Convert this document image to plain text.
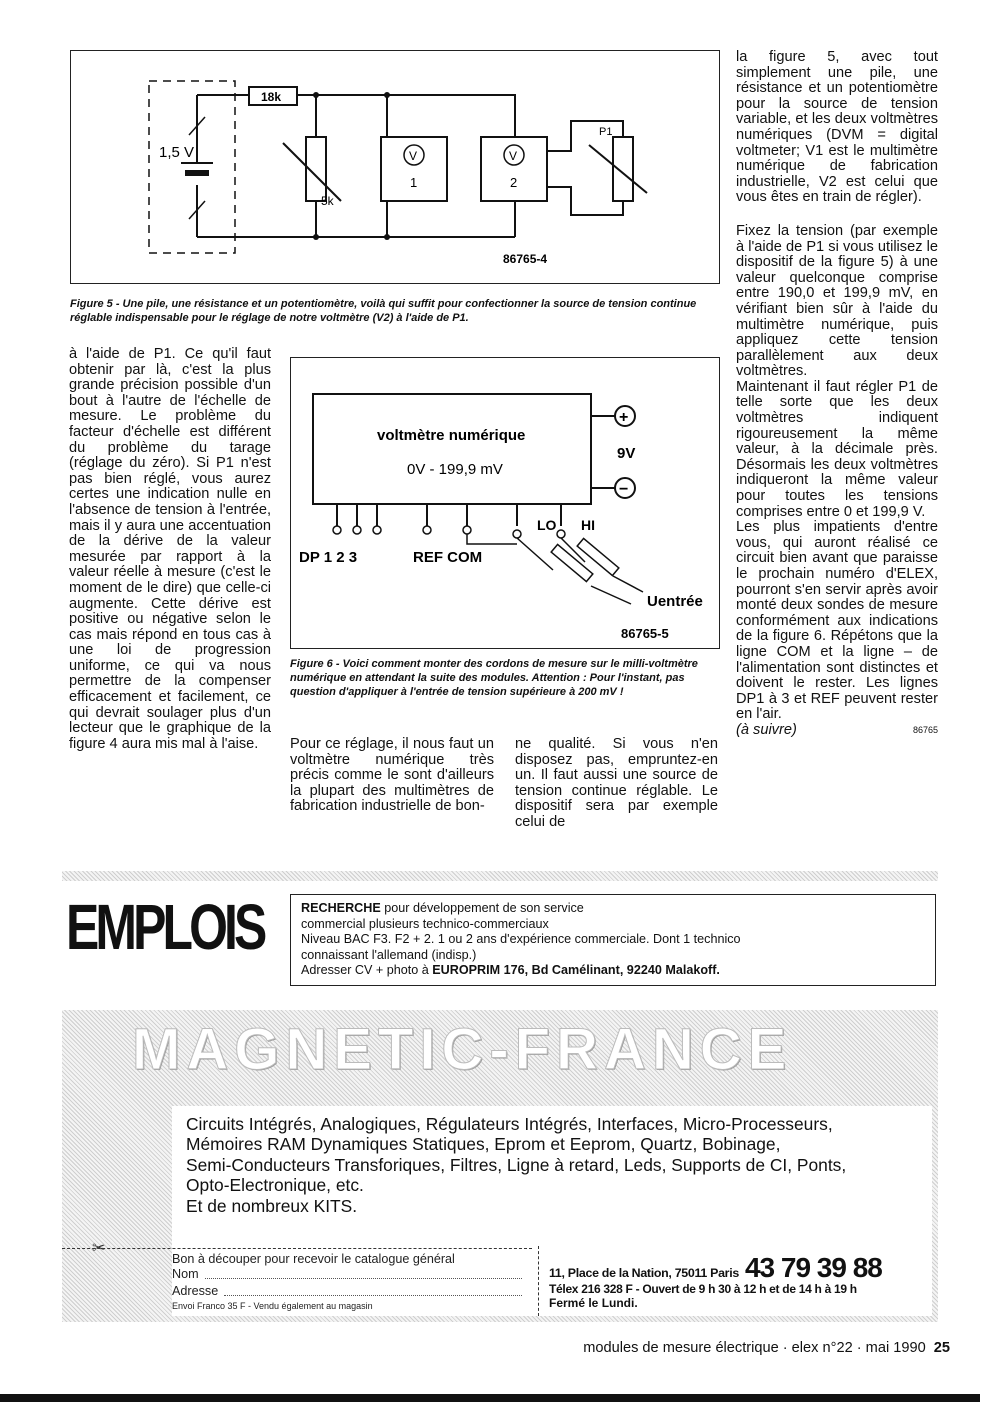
1,5 V
18k
5k
V
1
V
2
P1
86765-4
Figure 5 - Une pile, une résistance et un potentiomètre, voilà qui suffit pour confectionner la source de tension continue réglable indispensable pour le réglage de notre voltmètre (V2) à l'aide de P1.

à l'aide de P1. Ce qu'il faut obtenir par là, c'est la plus grande précision possible d'un bout à l'autre de l'échelle de mesure. Le problème du facteur d'échelle est différent du problème du tarage (réglage du zéro). Si P1 n'est pas bien réglé, vous aurez certes une indication nulle en l'absence de tension à l'entrée, mais il y aura une accentuation de la dérive de la valeur mesurée par rapport à la valeur réelle à mesure (c'est le moment de le dire) que celle-ci augmente. Cette dérive est positive ou négative selon le cas mais répond en tous cas à une loi de progression uniforme, ce qui va nous permettre de la compenser efficacement et facilement, ce qui devrait soulager plus d'un lecteur que le graphique de la figure 4 aura mis mal à l'aise.

voltmètre numérique
0V - 199,9 mV
+
−
9V
DP 1 2 3	REF COM
LO HI
Uentrée
86765-5
Figure 6 - Voici comment monter des cordons de mesure sur le milli-voltmètre numérique en attendant la suite des modules. Attention : Pour l'instant, pas question d'appliquer à l'entrée de tension supérieure à 200 mV !
Pour ce réglage, il nous faut un voltmètre numérique très précis comme le sont d'ailleurs la plupart des multimètres de fabrication industrielle de bon-
ne qualité. Si vous n'en disposez pas, empruntez-en un. Il faut aussi une source de tension continue réglable. Le dispositif sera par exemple celui de

la figure 5, avec tout simplement une pile, une résistance et un potentiomètre pour la source de tension variable, et les deux voltmètres numériques (DVM = digital voltmeter; V1 est le multimètre numérique de fabrication industrielle, V2 est celui que vous êtes en train de régler).

Fixez la tension (par exemple à l'aide de P1 si vous utilisez le dispositif de la figure 5) à une valeur quelconque comprise entre 190,0 et 199,9 mV, en vérifiant bien sûr à l'aide du multimètre numérique, puis appliquez cette tension parallèlement aux deux voltmètres.

Maintenant il faut régler P1 de telle sorte que les deux voltmètres indiquent rigoureusement la même valeur, à la décimale près. Désormais les deux voltmètres indiqueront la même valeur pour toutes les tensions comprises entre 0 et 199,9 V.

Les plus impatients d'entre vous, qui auront réalisé ce circuit bien avant que paraisse le prochain numéro d'ELEX, pourront s'en servir après avoir monté deux sondes de mesure conformément aux indications de la figure 6. Répétons que la ligne COM et la ligne – de l'alimentation sont distinctes et doivent le rester. Les lignes DP1 à 3 et REF peuvent rester en l'air.

(à suivre)	86765
EMPLOIS	RECHERCHE pour développement de son service
commercial plusieurs technico-commerciaux
Niveau BAC F3. F2 + 2. 1 ou 2 ans d'expérience commerciale. Dont 1 technico
connaissant l'allemand (indisp.)
Adresser CV + photo à EUROPRIM 176, Bd Camélinant, 92240 Malakoff.
MAGNETIC-FRANCE
Circuits Intégrés, Analogiques, Régulateurs Intégrés, Interfaces, Micro-Processeurs,
Mémoires RAM Dynamiques Statiques, Eprom et Eeprom, Quartz, Bobinage,
Semi-Conducteurs Transforiques, Filtres, Ligne à retard, Leds, Supports de CI, Ponts,
Opto-Electronique, etc.
Et de nombreux KITS.
✂
Bon à découper pour recevoir le catalogue général
Nom
Adresse
Envoi Franco 35 F - Vendu également au magasin
11, Place de la Nation, 75011 Paris 43 79 39 88
Télex 216 328 F - Ouvert de 9 h 30 à 12 h et de 14 h à 19 h
Fermé le Lundi.
modules de mesure électrique · elex n°22 · mai 1990 25
